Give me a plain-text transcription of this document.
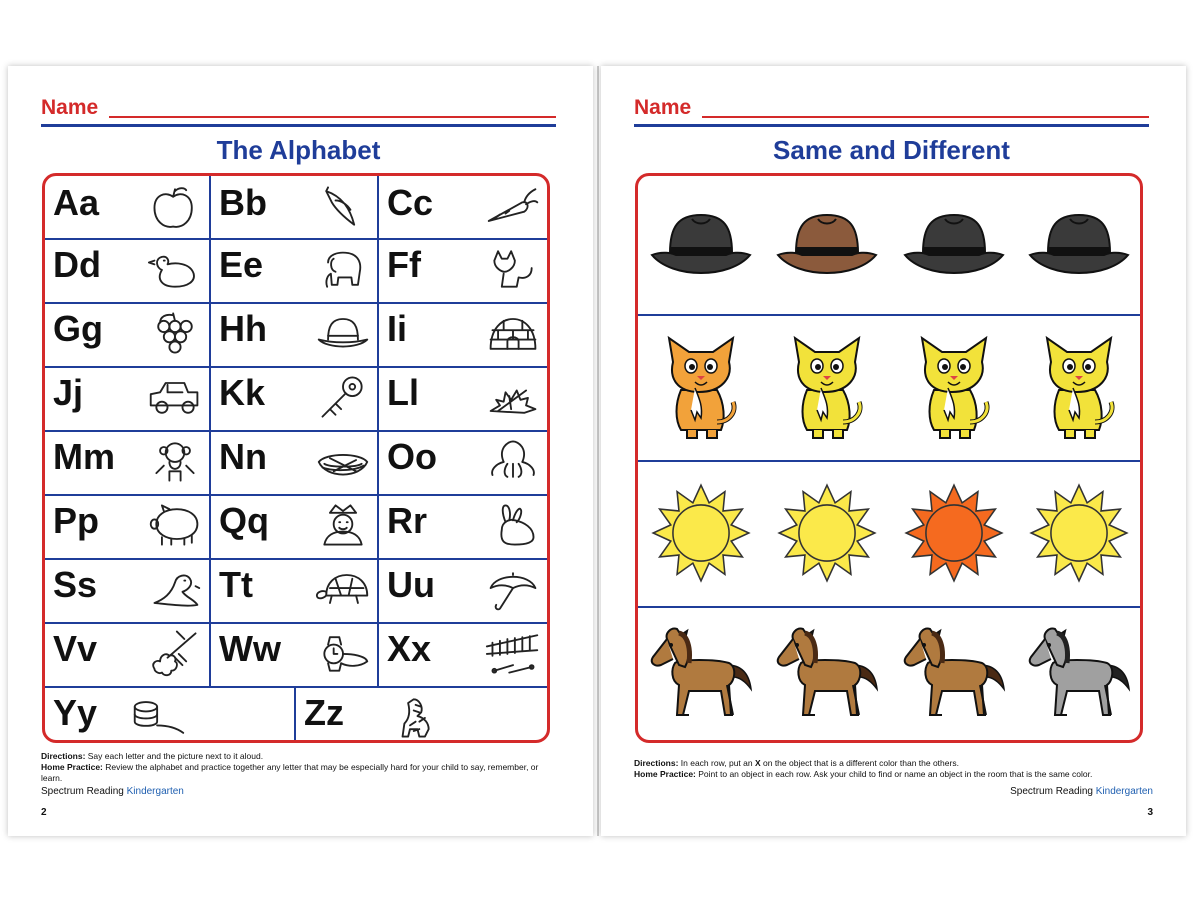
Name
The Alphabet
Aa	Bb	Cc
Dd	Ee	Ff
Gg	Hh	Ii
Jj	Kk	Ll
Mm	Nn	Oo
Pp	Qq	Rr
Ss	Tt	Uu
Vv	Ww	Xx
Yy	Zz
Directions: Say each letter and the picture next to it aloud.
Home Practice: Review the alphabet and practice together any letter that may be especially hard for your child to say, remember, or learn.
Spectrum Reading Kindergarten
2
Name
Same and Different
Directions: In each row, put an X on the object that is a different color than the others.
Home Practice: Point to an object in each row. Ask your child to find or name an object in the room that is the same color.
Spectrum Reading Kindergarten
3
